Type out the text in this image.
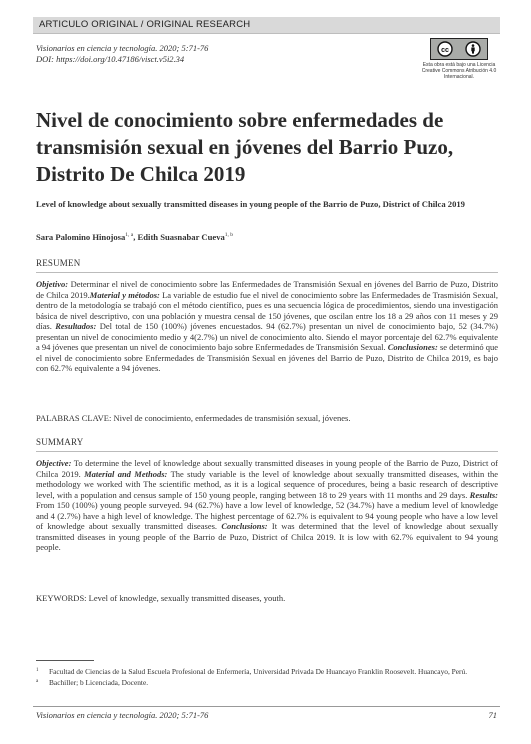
ARTICULO ORIGINAL / ORIGINAL RESEARCH
Visionarios en ciencia y tecnología. 2020; 5:71-76
DOI: https://doi.org/10.47186/visct.v5i2.34
cc
Esta obra está bajo una Licencia Creative Commons Atribución 4.0 Internacional.
Nivel de conocimiento sobre enfermedades de transmisión sexual en jóvenes del Barrio Puzo, Distrito De Chilca 2019
Level of knowledge about sexually transmitted diseases in young people of the Barrio de Puzo, District of Chilca 2019
Sara Palomino Hinojosa$^{1, a}$, Edith Suasnabar Cueva$^{1, b}$
RESUMEN
Objetivo: Determinar el nivel de conocimiento sobre las Enfermedades de Transmisión Sexual en jóvenes del Barrio de Puzo, Distrito de Chilca 2019.Material y métodos: La variable de estudio fue el nivel de conocimiento sobre las Enfermedades de Trasmisión Sexual, dentro de la metodología se trabajó con el método científico, pues es una secuencia lógica de procedimientos, siendo una investigación básica de nivel descriptivo, con una población y muestra censal de 150 jóvenes, que oscilan entre los 18 a 29 años con 11 meses y 29 días. Resultados: Del total de 150 (100%) jóvenes encuestados. 94 (62.7%) presentan un nivel de conocimiento bajo, 52 (34.7%) presentan un nivel de conocimiento medio y 4(2.7%) un nivel de conocimiento alto. Siendo el mayor porcentaje del 62.7% equivalente a 94 jóvenes que presentan un nivel de conocimiento bajo sobre Enfermedades de Transmisión Sexual. Conclusiones: se determinó que el nivel de conocimiento sobre Enfermedades de Transmisión Sexual en jóvenes del Barrio de Puzo, Distrito de Chilca 2019, es bajo con 62.7% equivalente a 94 jóvenes.
PALABRAS CLAVE: Nivel de conocimiento, enfermedades de transmisión sexual, jóvenes.
SUMMARY
Objective: To determine the level of knowledge about sexually transmitted diseases in young people of the Barrio de Puzo, District of Chilca 2019. Material and Methods: The study variable is the level of knowledge about sexually transmitted diseases, within the methodology we worked with The scientific method, as it is a logical sequence of procedures, being a basic research of descriptive level, with a population and census sample of 150 young people, ranging between 18 to 29 years with 11 months and 29 days. Results: From 150 (100%) young people surveyed. 94 (62.7%) have a low level of knowledge, 52 (34.7%) have a medium level of knowledge and 4 (2.7%) have a high level of knowledge. The highest percentage of 62.7% is equivalent to 94 young people who have a low level of knowledge about sexually transmitted diseases. Conclusions: It was determined that the level of knowledge about sexually transmitted diseases in young people of the Barrio de Puzo, District of Chilca 2019. It is low with 62.7% equivalent to 94 young people.
KEYWORDS: Level of knowledge, sexually transmitted diseases, youth.
1	Facultad de Ciencias de la Salud Escuela Profesional de Enfermería, Universidad Privada De Huancayo Franklin Roosevelt. Huancayo, Perú.
a	Bachiller; b Licenciada, Docente.
Visionarios en ciencia y tecnología. 2020; 5:71-76	71
